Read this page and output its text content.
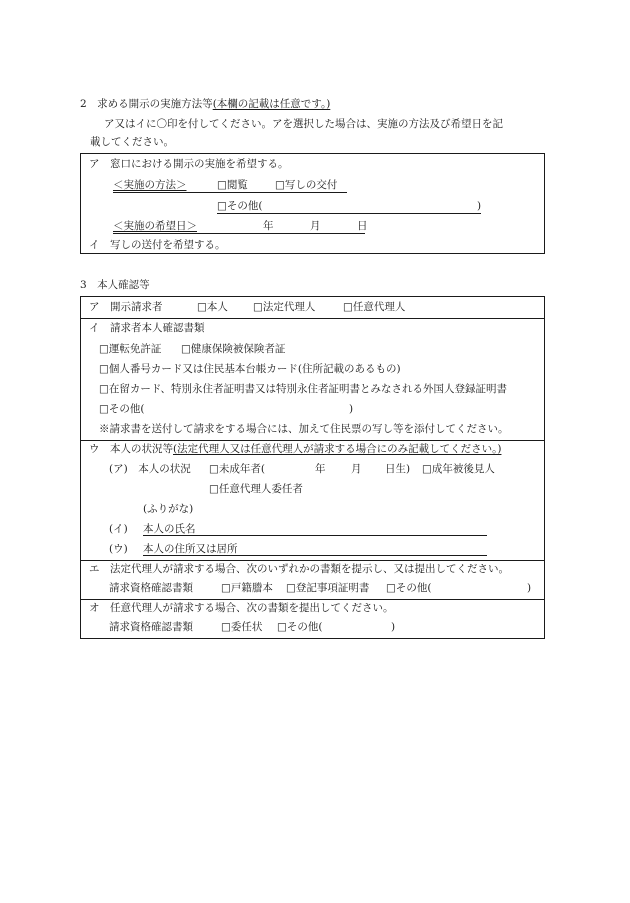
2　求める開示の実施方法等(本欄の記載は任意です。)
ア又はイに〇印を付してください。アを選択した場合は、実施の方法及び希望日を記
載してください。
ア　窓口における開示の実施を希望する。
＜実施の方法＞	□閲覧	□写しの交付
□その他(	)
＜実施の希望日＞	年	月	日
イ　写しの送付を希望する。
3　本人確認等
ア　開示請求者	□本人 □法定代理人	□任意代理人
イ　請求者本人確認書類
□運転免許証 □健康保険被保険者証
□個人番号カード又は住民基本台帳カード(住所記載のあるもの)
□在留カード、特別永住者証明書又は特別永住者証明書とみなされる外国人登録証明書
□その他(	)
※請求書を送付して請求をする場合には、加えて住民票の写し等を添付してください。
ウ　本人の状況等(法定代理人又は任意代理人が請求する場合にのみ記載してください。)
(ア)　本人の状況 □未成年者(	年 月 日生) □成年被後見人
□任意代理人委任者
(ふりがな)
(イ) 本人の氏名
(ウ) 本人の住所又は居所
エ　法定代理人が請求する場合、次のいずれかの書類を提示し、又は提出してください。
請求資格確認書類	□戸籍謄本 □登記事項証明書 □その他(	)
オ　任意代理人が請求する場合、次の書類を提出してください。
請求資格確認書類	□委任状 □その他(	)
